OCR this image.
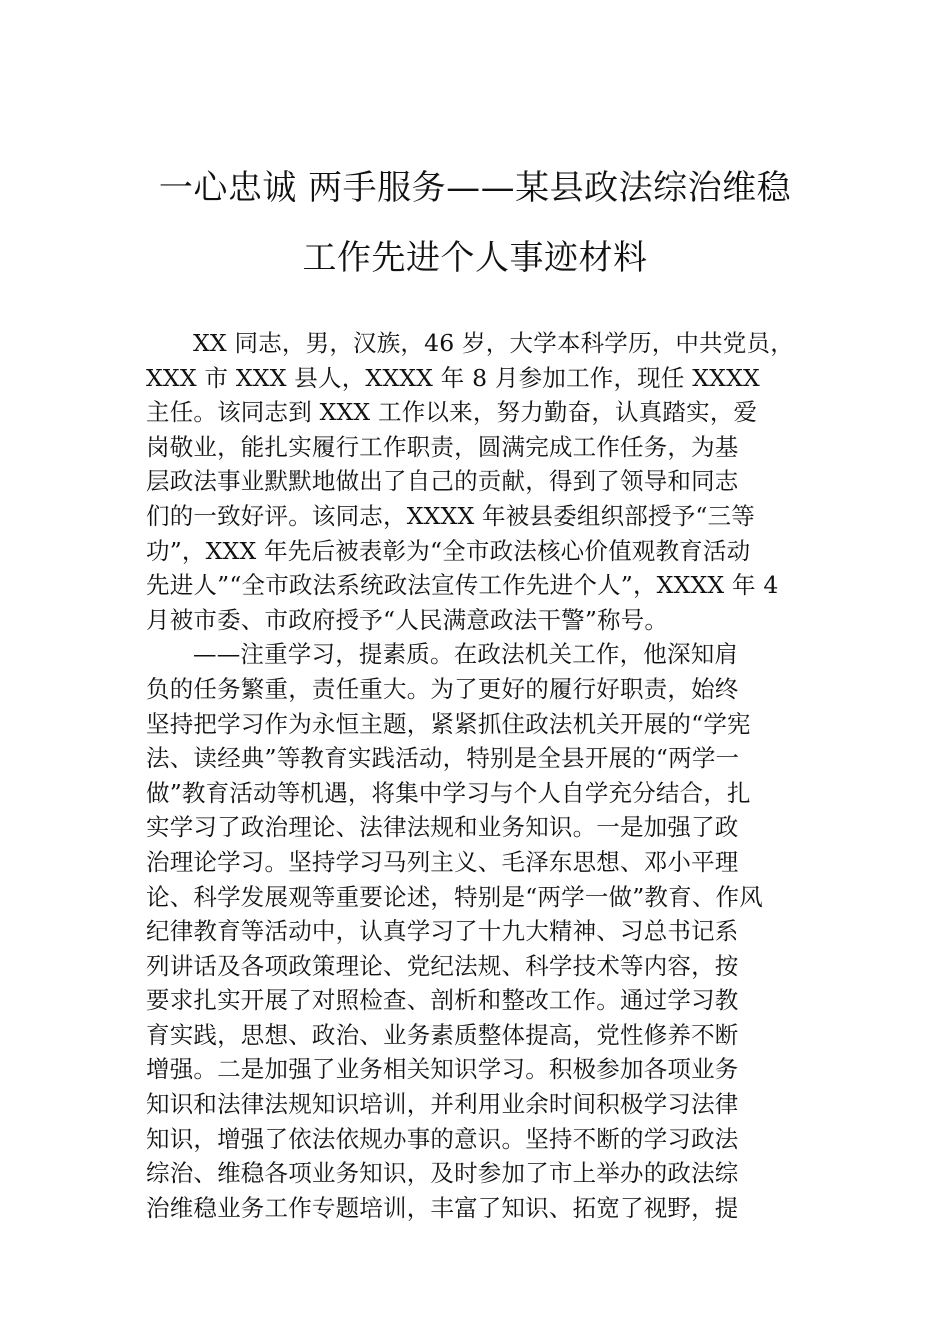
一心忠诚 两手服务——某县政法综治维稳
工作先进个人事迹材料
XX 同志，男，汉族，46 岁，大学本科学历，中共党员，
XXX 市 XXX 县人，XXXX 年 8 月参加工作，现任 XXXX
主任。该同志到 XXX 工作以来，努力勤奋，认真踏实，爱
岗敬业，能扎实履行工作职责，圆满完成工作任务，为基
层政法事业默默地做出了自己的贡献，得到了领导和同志
们的一致好评。该同志，XXXX 年被县委组织部授予“三等
功”，XXX 年先后被表彰为“全市政法核心价值观教育活动
先进人”“全市政法系统政法宣传工作先进个人”，XXXX 年 4
月被市委、市政府授予“人民满意政法干警”称号。
——注重学习，提素质。在政法机关工作，他深知肩
负的任务繁重，责任重大。为了更好的履行好职责，始终
坚持把学习作为永恒主题，紧紧抓住政法机关开展的“学宪
法、读经典”等教育实践活动，特别是全县开展的“两学一
做”教育活动等机遇，将集中学习与个人自学充分结合，扎
实学习了政治理论、法律法规和业务知识。一是加强了政
治理论学习。坚持学习马列主义、毛泽东思想、邓小平理
论、科学发展观等重要论述，特别是“两学一做”教育、作风
纪律教育等活动中，认真学习了十九大精神、习总书记系
列讲话及各项政策理论、党纪法规、科学技术等内容，按
要求扎实开展了对照检查、剖析和整改工作。通过学习教
育实践，思想、政治、业务素质整体提高，党性修养不断
增强。二是加强了业务相关知识学习。积极参加各项业务
知识和法律法规知识培训，并利用业余时间积极学习法律
知识，增强了依法依规办事的意识。坚持不断的学习政法
综治、维稳各项业务知识，及时参加了市上举办的政法综
治维稳业务工作专题培训，丰富了知识、拓宽了视野，提
